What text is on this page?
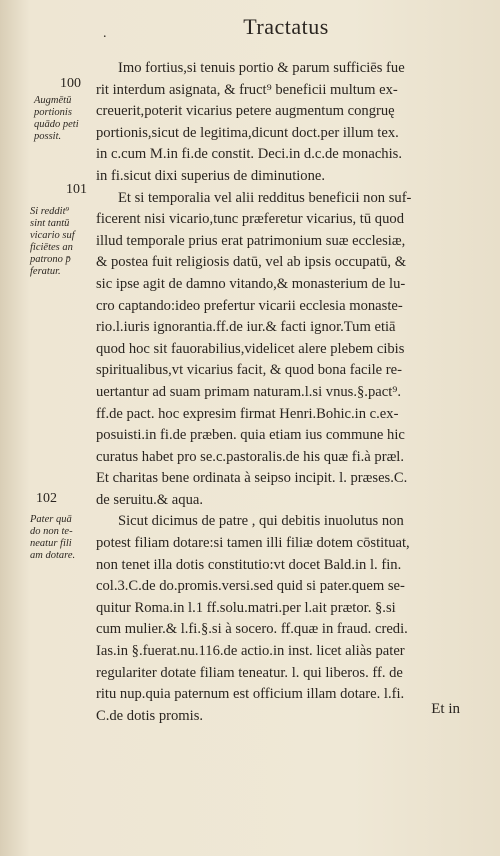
.	Tractatus
100
101
102
Augmētū
portionis
quādo peti
possit.
Si reddit⁹
sint tantū
vicario suf
ficiētes an
patrono p̄
feratur.
Pater quā
do non te-
neatur fili
am dotare.
Imo fortius,si tenuis portio & parum sufficiēs fue
rit interdum asignata, & fruct⁹ beneficii multum ex-
creuerit,poterit vicarius petere augmentum congruę
portionis,sicut de legitima,dicunt doct.per illum tex.
in c.cum M.in fi.de constit. Deci.in d.c.de monachis.
in fi.sicut dixi superius de diminutione.
Et si temporalia vel alii redditus beneficii non suf-
ficerent nisi vicario,tunc præferetur vicarius, tū quod
illud temporale prius erat patrimonium suæ ecclesiæ,
& postea fuit religiosis datū, vel ab ipsis occupatū, &
sic ipse agit de damno vitando,& monasterium de lu-
cro captando:ideo prefertur vicarii ecclesia monaste-
rio.l.iuris ignorantia.ff.de iur.& facti ignor.Tum etiā
quod hoc sit fauorabilius,videlicet alere plebem cibis
spiritualibus,vt vicarius facit, & quod bona facile re-
uertantur ad suam primam naturam.l.si vnus.§.pact⁹.
ff.de pact. hoc expresim firmat Henri.Bohic.in c.ex-
posuisti.in fi.de præben. quia etiam ius commune hic
curatus habet pro se.c.pastoralis.de his quæ fi.à præl.
Et charitas bene ordinata à seipso incipit. l. præses.C.
de seruitu.& aqua.
Sicut dicimus de patre , qui debitis inuolutus non
potest filiam dotare:si tamen illi filiæ dotem cōstituat,
non tenet illa dotis constitutio:vt docet Bald.in l. fin.
col.3.C.de do.promis.versi.sed quid si pater.quem se-
quitur Roma.in l.1 ff.solu.matri.per l.ait prætor. §.si
cum mulier.& l.fi.§.si à socero. ff.quæ in fraud. credi.
Ias.in §.fuerat.nu.116.de actio.in inst. licet aliàs pater
regulariter dotate filiam teneatur. l. qui liberos. ff. de
ritu nup.quia paternum est officium illam dotare. l.fi.
C.de dotis promis.	Et in
